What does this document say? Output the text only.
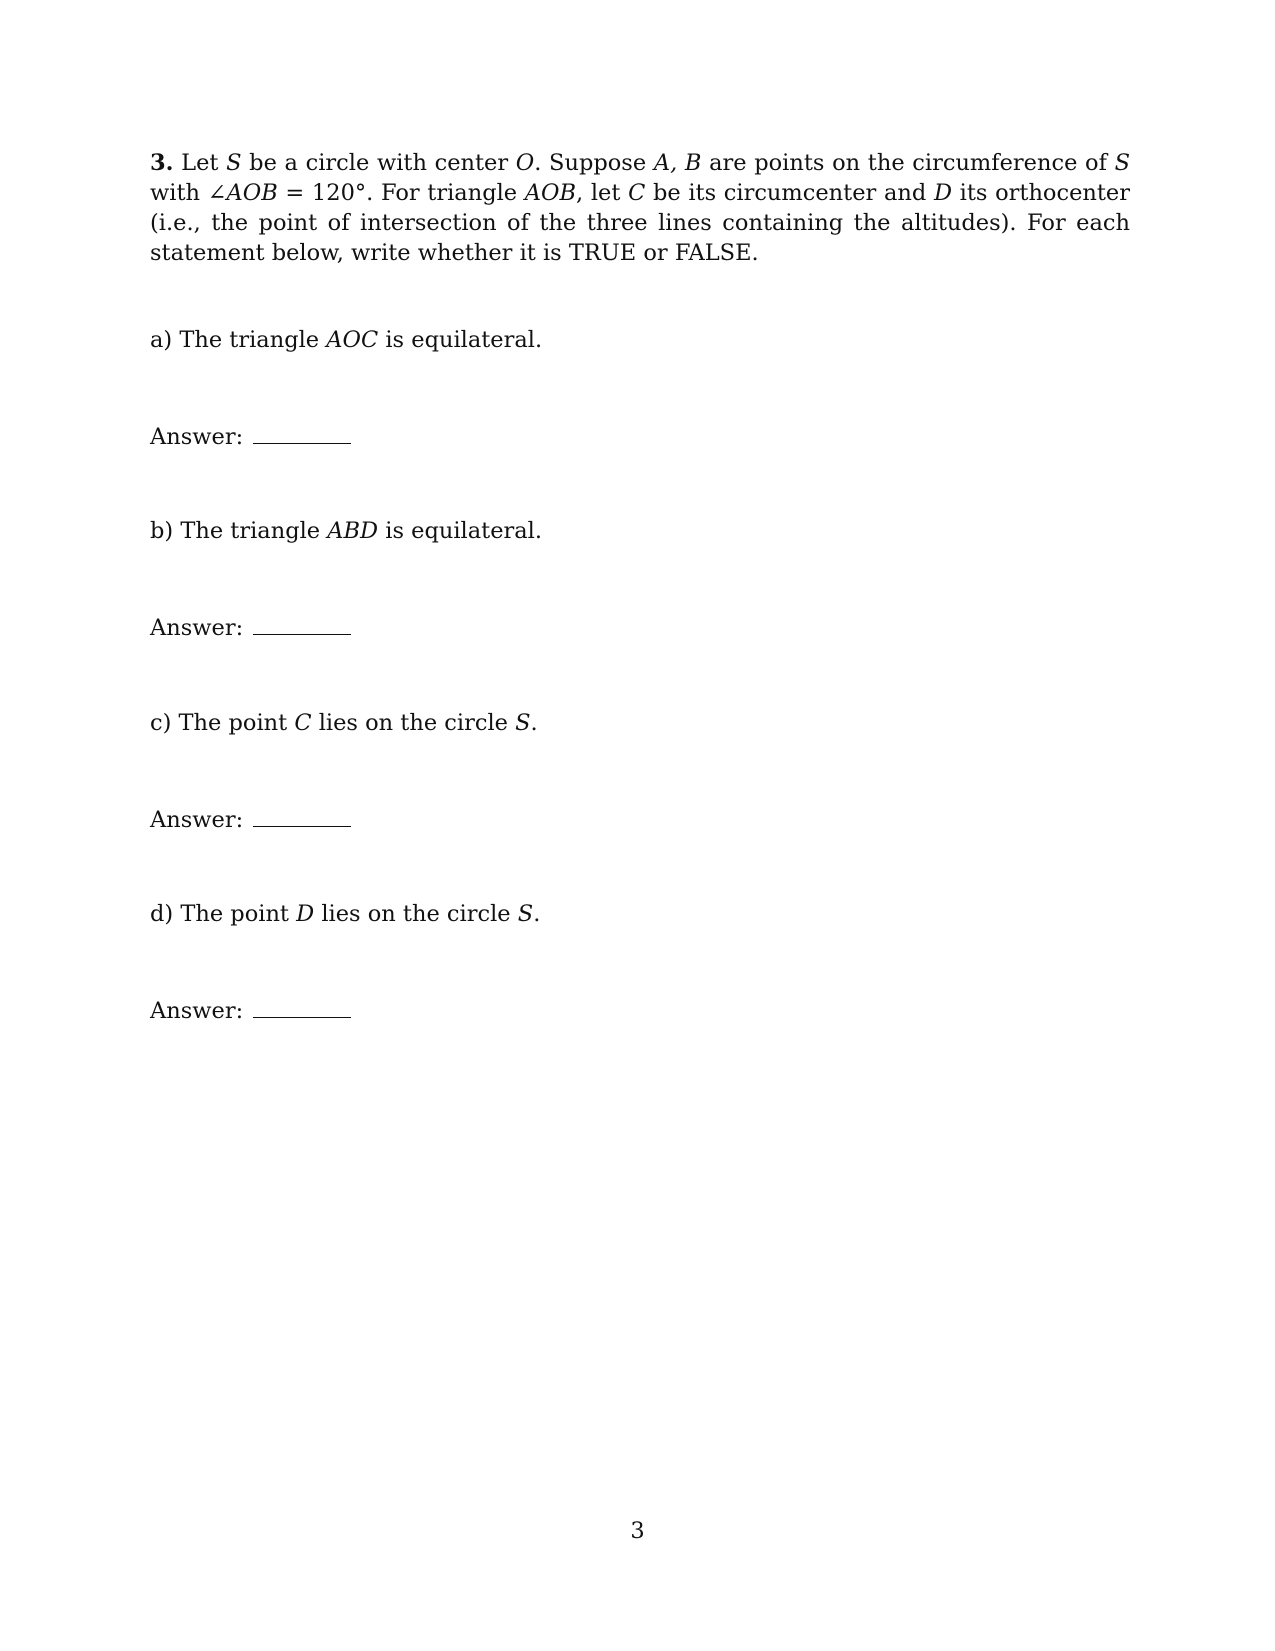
3. Let S be a circle with center O. Suppose A, B are points on the circumference of S with ∠AOB = 120°. For triangle AOB, let C be its circumcenter and D its orthocenter (i.e., the point of intersection of the three lines containing the altitudes). For each statement below, write whether it is TRUE or FALSE.
a) The triangle AOC is equilateral.
Answer:
b) The triangle ABD is equilateral.
Answer:
c) The point C lies on the circle S.
Answer:
d) The point D lies on the circle S.
Answer:
3
